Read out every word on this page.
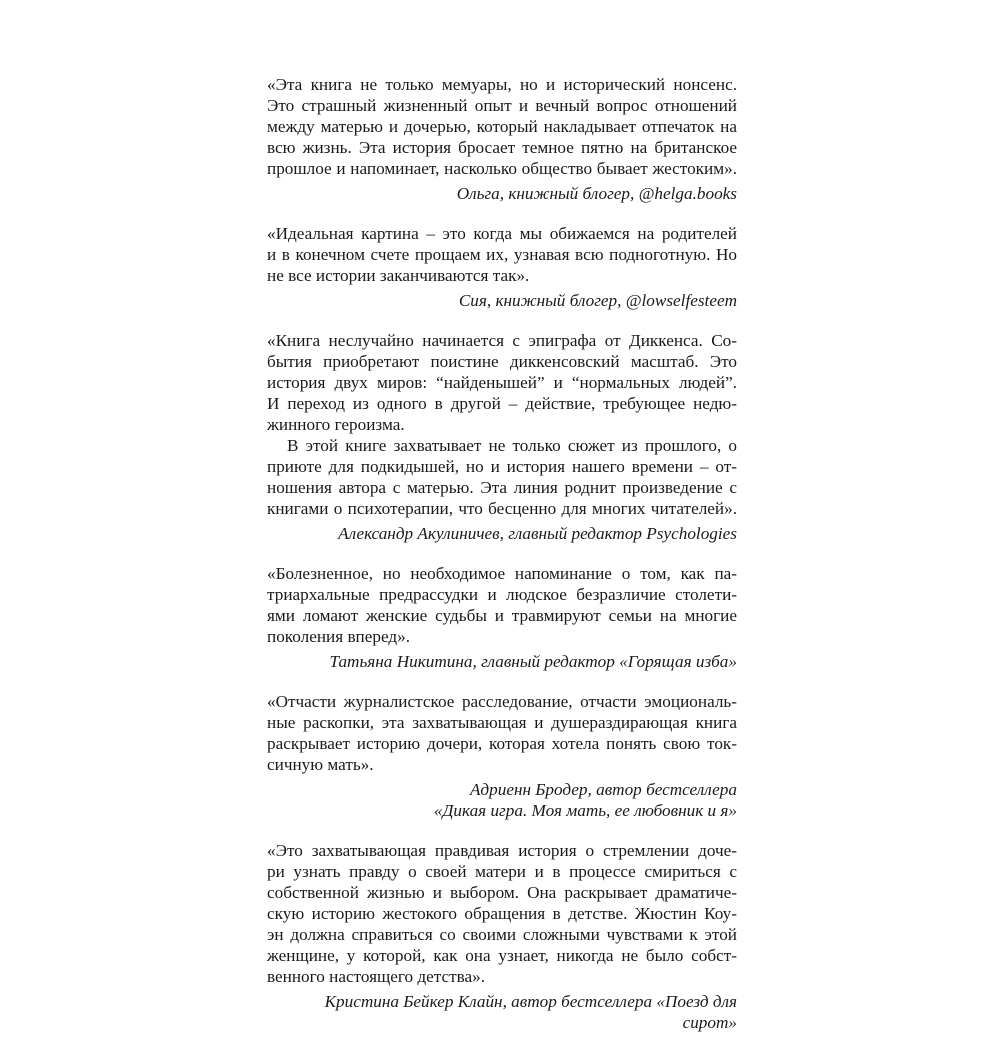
«Эта книга не только мемуары, но и исторический нонсенс.
Это страшный жизненный опыт и вечный вопрос отношений
между матерью и дочерью, который накладывает отпечаток на
всю жизнь. Эта история бросает темное пятно на британское
прошлое и напоминает, насколько общество бывает жестоким».

Ольга, книжный блогер, @helga.books

«Идеальная картина – это когда мы обижаемся на родителей
и в конечном счете прощаем их, узнавая всю подноготную. Но
не все истории заканчиваются так».

Сия, книжный блогер, @lowselfesteem

«Книга неслучайно начинается с эпиграфа от Диккенса. Со-
бытия приобретают поистине диккенсовский масштаб. Это
история двух миров: “найденышей” и “нормальных людей”.
И переход из одного в другой – действие, требующее недю-
жинного героизма.

В этой книге захватывает не только сюжет из прошлого, о
приюте для подкидышей, но и история нашего времени – от-
ношения автора с матерью. Эта линия роднит произведение с
книгами о психотерапии, что бесценно для многих читателей».

Александр Акулиничев, главный редактор Psychologies

«Болезненное, но необходимое напоминание о том, как па-
триархальные предрассудки и людское безразличие столети-
ями ломают женские судьбы и травмируют семьи на многие
поколения вперед».

Татьяна Никитина, главный редактор «Горящая изба»

«Отчасти журналистское расследование, отчасти эмоциональ-
ные раскопки, эта захватывающая и душераздирающая книга
раскрывает историю дочери, которая хотела понять свою ток-
сичную мать».

Адриенн Бродер, автор бестселлера
«Дикая игра. Моя мать, ее любовник и я»

«Это захватывающая правдивая история о стремлении доче-
ри узнать правду о своей матери и в процессе смириться с
собственной жизнью и выбором. Она раскрывает драматиче-
скую историю жестокого обращения в детстве. Жюстин Коу-
эн должна справиться со своими сложными чувствами к этой
женщине, у которой, как она узнает, никогда не было собст-
венного настоящего детства».

Кристина Бейкер Клайн, автор бестселлера «Поезд для сирот»
